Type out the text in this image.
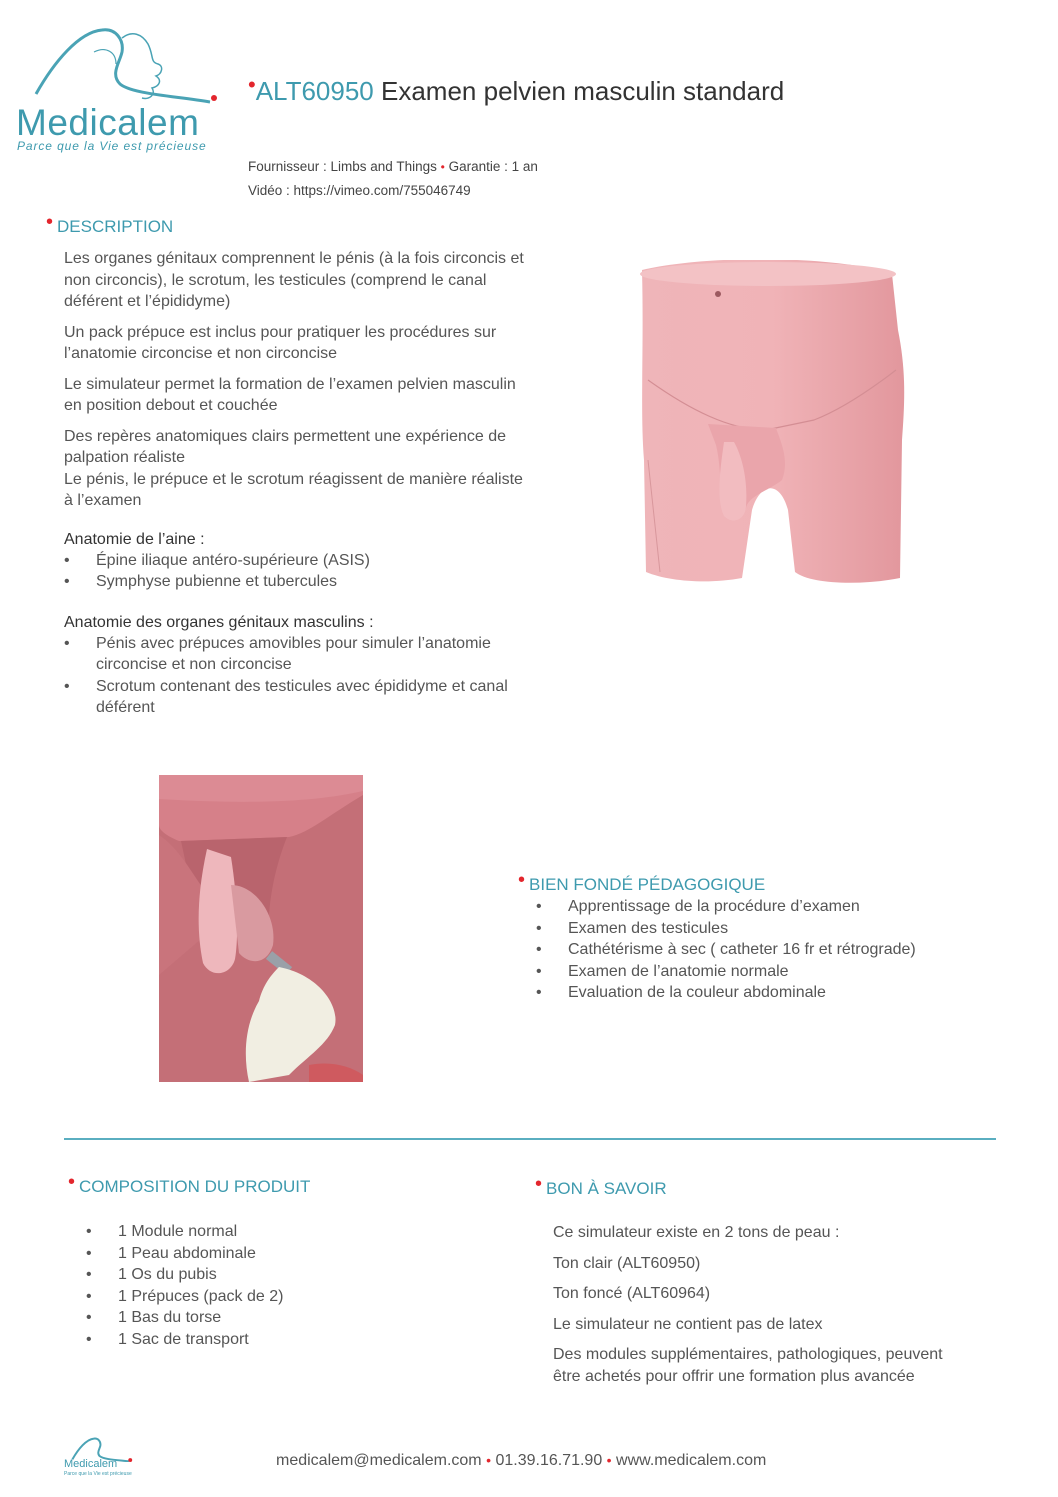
Medicalem
Parce que la Vie est précieuse
•ALT60950 Examen pelvien masculin standard
Fournisseur : Limbs and Things • Garantie : 1 an
Vidéo : https://vimeo.com/755046749
• DESCRIPTION

Les organes génitaux comprennent le pénis (à la fois circoncis et non circoncis), le scrotum, les testicules (comprend le canal déférent et l’épididyme)

Un pack prépuce est inclus pour pratiquer les procédures sur l’anatomie circoncise et non circoncise

Le simulateur permet la formation de l’examen pelvien masculin en position debout et couchée

Des repères anatomiques clairs permettent une expérience de palpation réaliste

Le pénis, le prépuce et le scrotum réagissent de manière réaliste à l’examen

Anatomie de l’aine :
• Épine iliaque antéro-supérieure (ASIS)
• Symphyse pubienne et tubercules
Anatomie des organes génitaux masculins :
• Pénis avec prépuces amovibles pour simuler l’anatomie circoncise et non circoncise
• Scrotum contenant des testicules avec épididyme et canal déférent
• BIEN FONDÉ PÉDAGOGIQUE
• Apprentissage de la procédure d’examen
• Examen des testicules
• Cathétérisme à sec ( catheter 16 fr et rétrograde)
• Examen de l’anatomie normale
• Evaluation de la couleur abdominale
• COMPOSITION DU PRODUIT
• 1 Module normal
• 1 Peau abdominale
• 1 Os du pubis
• 1 Prépuces (pack de 2)
• 1 Bas du torse
• 1 Sac de transport
• BON À SAVOIR

Ce simulateur existe en 2 tons de peau :

Ton clair (ALT60950)

Ton foncé (ALT60964)

Le simulateur ne contient pas de latex

Des modules supplémentaires, pathologiques, peuvent être achetés pour offrir une formation plus avancée

Medicalem
Parce que la Vie est précieuse
medicalem@medicalem.com • 01.39.16.71.90 • www.medicalem.com
